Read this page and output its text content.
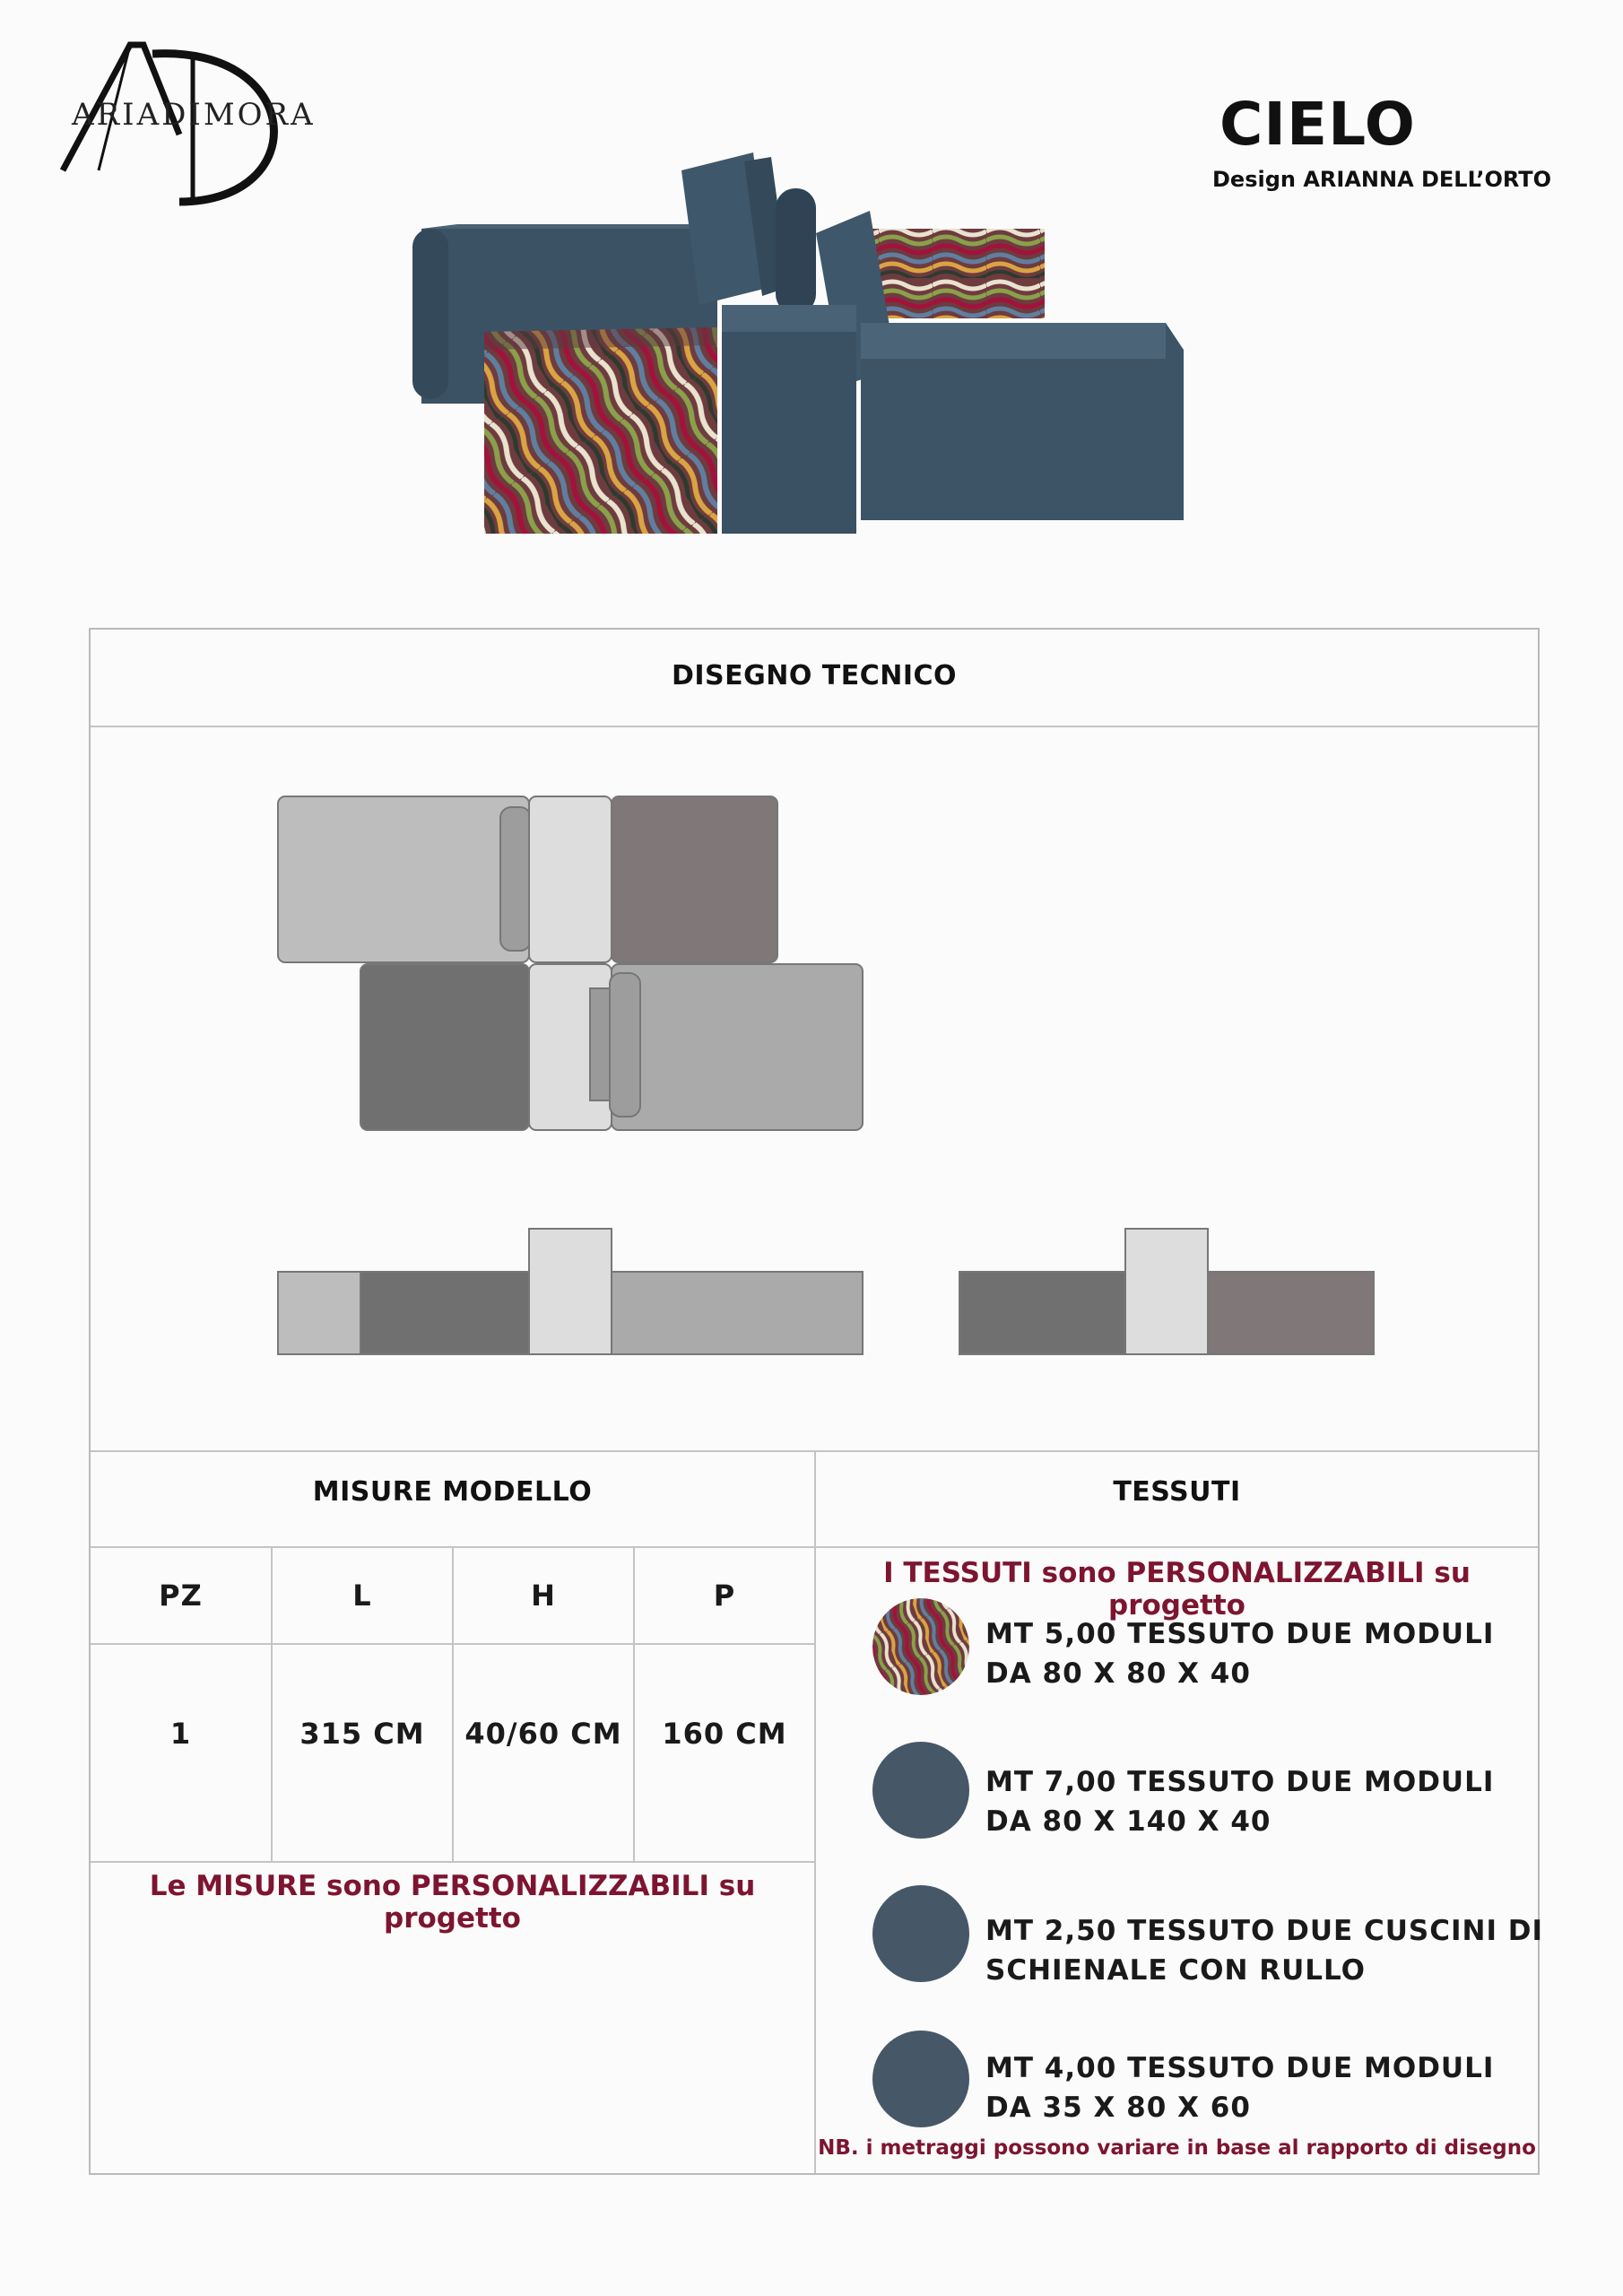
ARIADIMORA	CIELO
Design ARIANNA DELL’ORTO
DISEGNO TECNICO
MISURE MODELLO	TESSUTI
PZ	L	H	P
1	315 CM	40/60 CM	160 CM
Le MISURE sono PERSONALIZZABILI su progetto
I TESSUTI sono PERSONALIZZABILI su progetto
MT 5,00 TESSUTO DUE MODULI
DA 80 X 80 X 40
MT 7,00 TESSUTO DUE MODULI
DA 80 X 140 X 40
MT 2,50 TESSUTO DUE CUSCINI DI
SCHIENALE CON RULLO
MT 4,00 TESSUTO DUE MODULI
DA 35 X 80 X 60
NB. i metraggi possono variare in base al rapporto di disegno
